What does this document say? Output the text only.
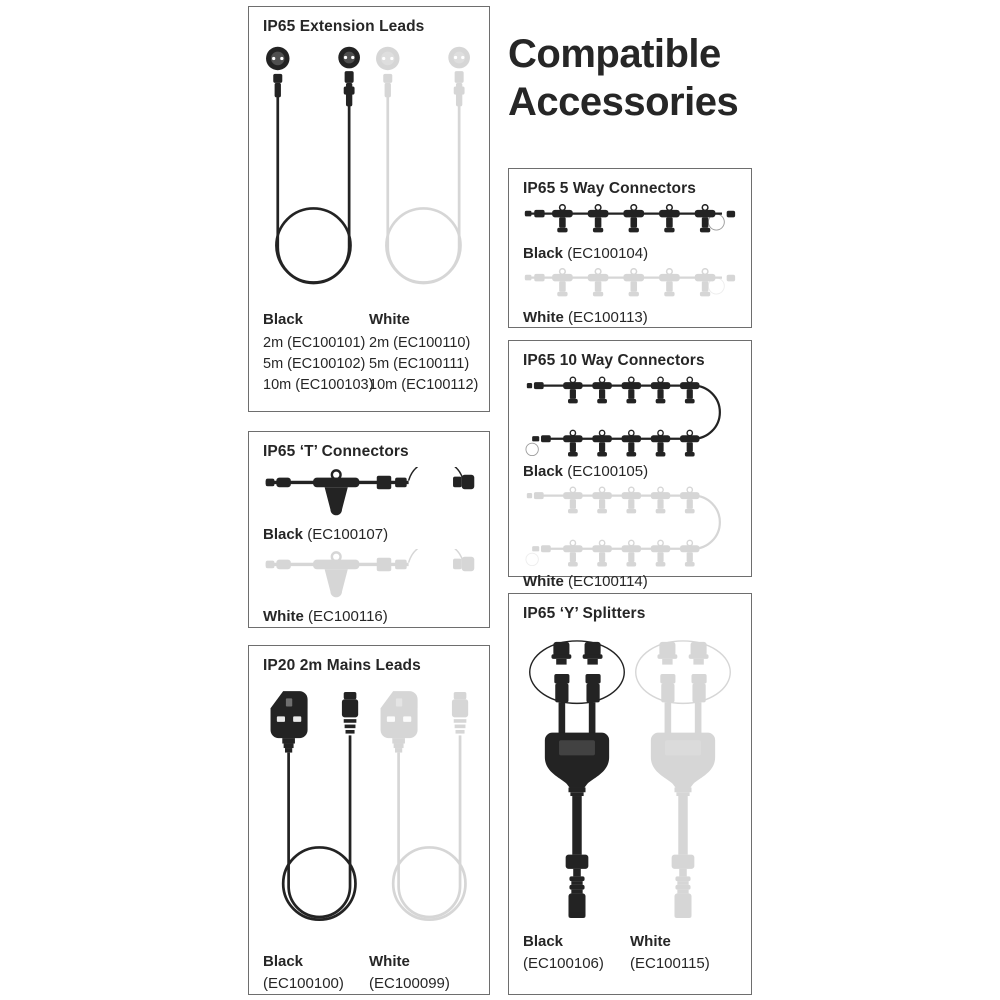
Compatible Accessories
IP65 Extension Leads
Black
2m (EC100101)
5m (EC100102)
10m (EC100103)
White
2m (EC100110)
5m (EC100111)
10m (EC100112)
IP65 ‘T’ Connectors

Black (EC100107)

White (EC100116)

IP20 2m Mains Leads
Black
(EC100100)
White
(EC100099)
IP65 5 Way Connectors

Black (EC100104)

White (EC100113)

IP65 10 Way Connectors

Black (EC100105)

White (EC100114)

IP65 ‘Y’ Splitters
Black
(EC100106)
White
(EC100115)
